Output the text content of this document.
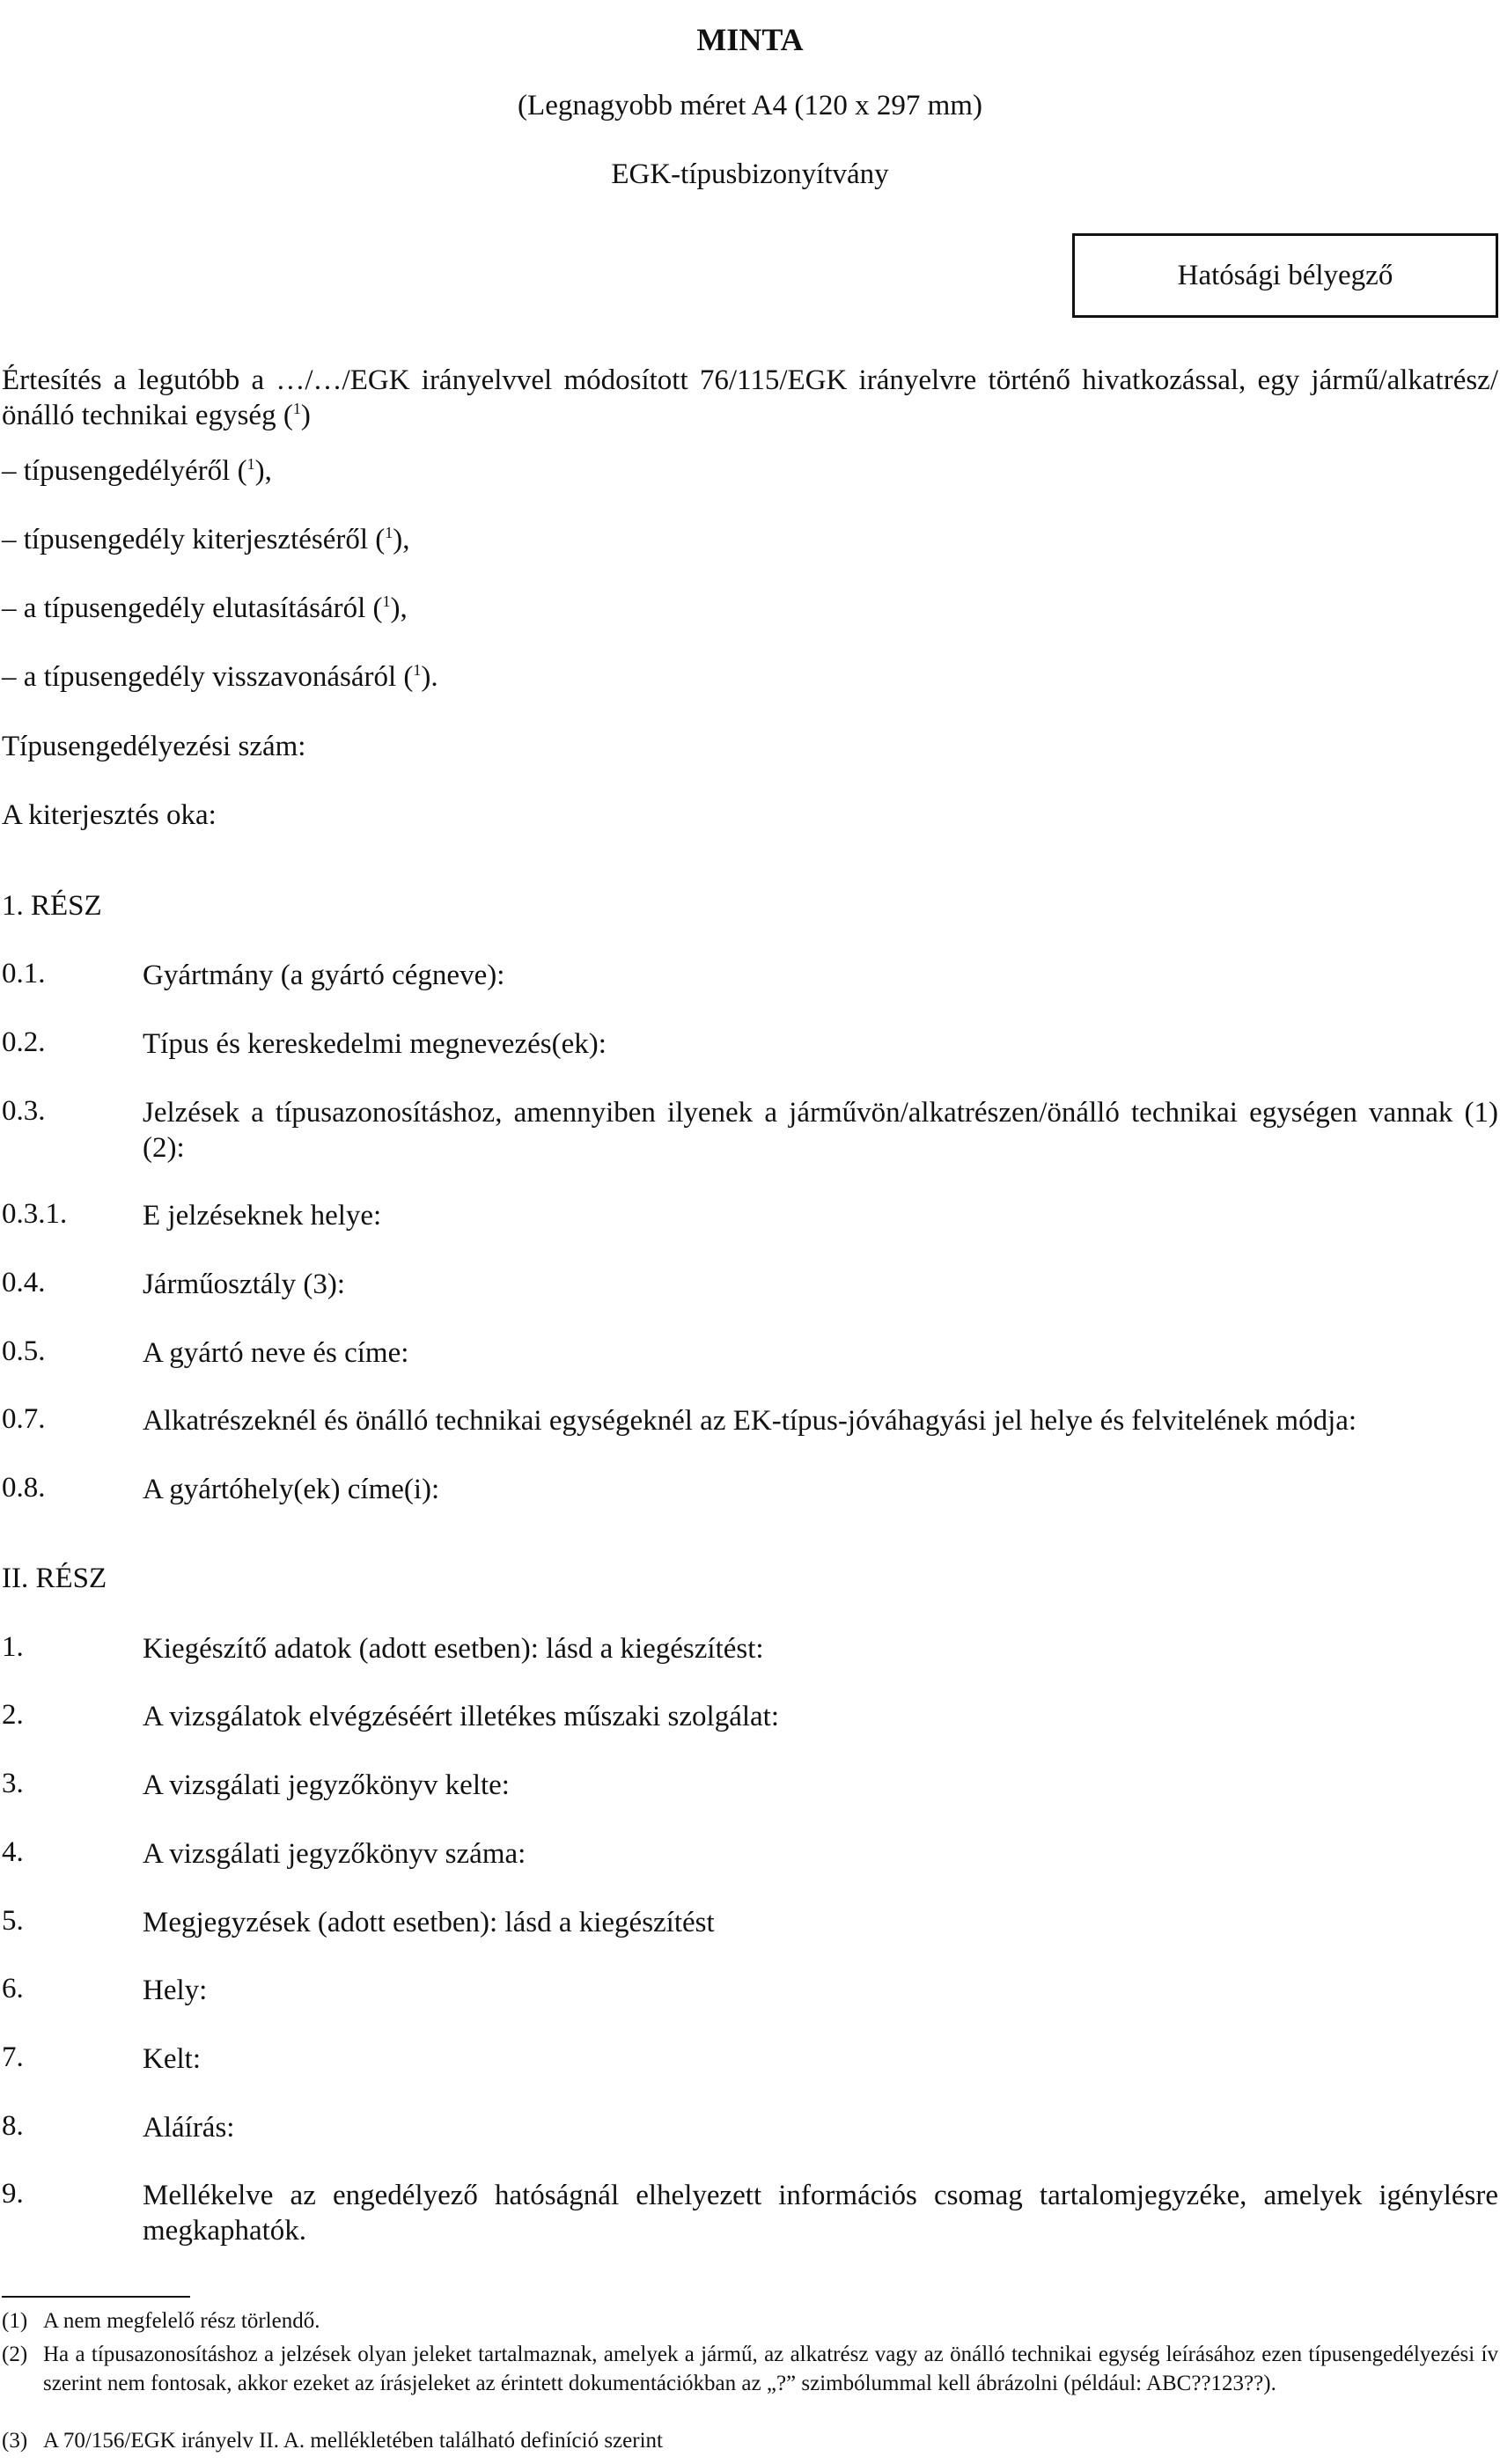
MINTA
(Legnagyobb méret A4 (120 x 297 mm)
EGK-típusbizonyítvány
Hatósági bélyegző
Értesítés a legutóbb a …/…/EGK irányelvvel módosított 76/115/EGK irányelvre történő hivatkozással, egy jármű/alkatrész/önálló technikai egység ($^1$)
– típusengedélyéről ($^1$),
– típusengedély kiterjesztéséről ($^1$),
– a típusengedély elutasításáról ($^1$),
– a típusengedély visszavonásáról ($^1$).
Típusengedélyezési szám:
A kiterjesztés oka:
1. RÉSZ
0.1.	Gyártmány (a gyártó cégneve):
0.2.	Típus és kereskedelmi megnevezés(ek):
0.3.	Jelzések a típusazonosításhoz, amennyiben ilyenek a járművön/alkatrészen/önálló technikai egységen vannak (1) (2):
0.3.1.	E jelzéseknek helye:
0.4.	Járműosztály (3):
0.5.	A gyártó neve és címe:
0.7.	Alkatrészeknél és önálló technikai egységeknél az EK-típus-jóváhagyási jel helye és felvitelének módja:
0.8.	A gyártóhely(ek) címe(i):
II. RÉSZ
1.	Kiegészítő adatok (adott esetben): lásd a kiegészítést:
2.	A vizsgálatok elvégzéséért illetékes műszaki szolgálat:
3.	A vizsgálati jegyzőkönyv kelte:
4.	A vizsgálati jegyzőkönyv száma:
5.	Megjegyzések (adott esetben): lásd a kiegészítést
6.	Hely:
7.	Kelt:
8.	Aláírás:
9.	Mellékelve az engedélyező hatóságnál elhelyezett információs csomag tartalomjegyzéke, amelyek igénylésre megkaphatók.
(1) A nem megfelelő rész törlendő.
(2) Ha a típusazonosításhoz a jelzések olyan jeleket tartalmaznak, amelyek a jármű, az alkatrész vagy az önálló technikai egység leírásához ezen típusengedélyezési ív szerint nem fontosak, akkor ezeket az írásjeleket az érintett dokumentációkban az „?” szimbólummal kell ábrázolni (például: ABC??123??).
(3) A 70/156/EGK irányelv II. A. mellékletében található definíció szerint
